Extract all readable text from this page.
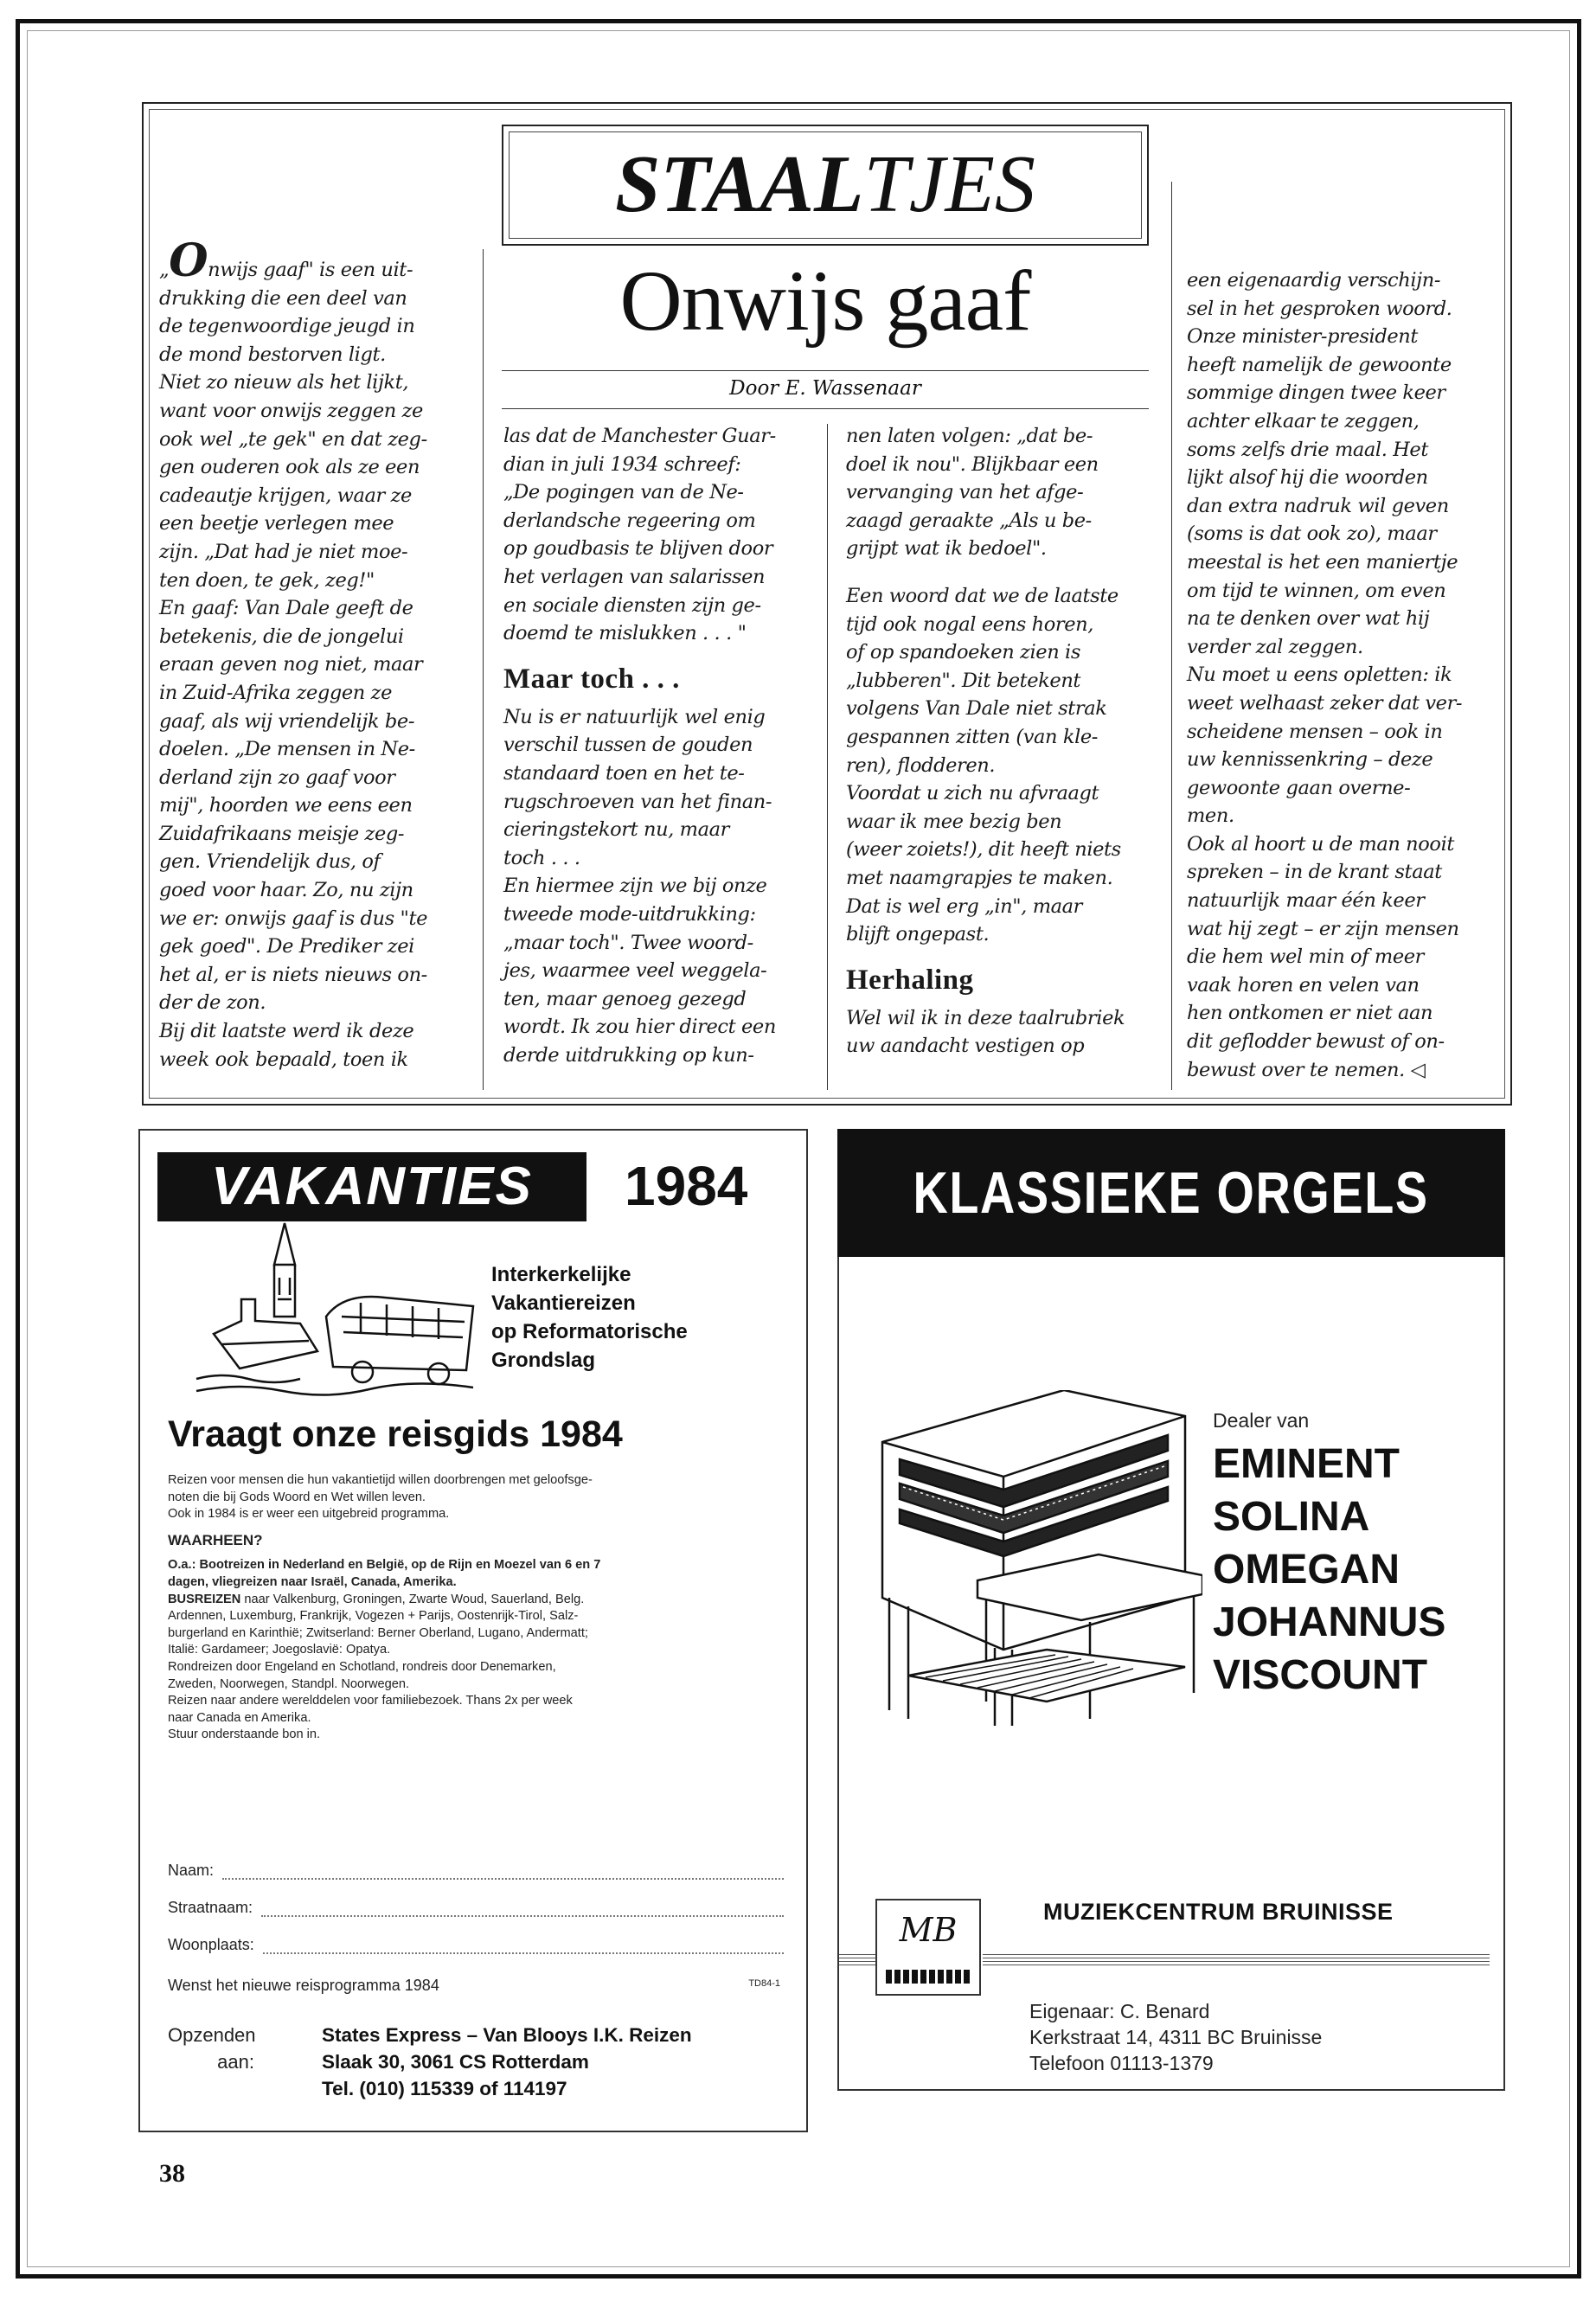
STAALTJES
Onwijs gaaf
Door E. Wassenaar

„Onwijs gaaf" is een uit-

drukking die een deel van

de tegenwoordige jeugd in

de mond bestorven ligt.

Niet zo nieuw als het lijkt,

want voor onwijs zeggen ze

ook wel „te gek" en dat zeg-

gen ouderen ook als ze een

cadeautje krijgen, waar ze

een beetje verlegen mee

zijn. „Dat had je niet moe-

ten doen, te gek, zeg!"

En gaaf: Van Dale geeft de

betekenis, die de jongelui

eraan geven nog niet, maar

in Zuid-Afrika zeggen ze

gaaf, als wij vriendelijk be-

doelen. „De mensen in Ne-

derland zijn zo gaaf voor

mij", hoorden we eens een

Zuidafrikaans meisje zeg-

gen. Vriendelijk dus, of

goed voor haar. Zo, nu zijn

we er: onwijs gaaf is dus "te

gek goed". De Prediker zei

het al, er is niets nieuws on-

der de zon.

Bij dit laatste werd ik deze

week ook bepaald, toen ik

las dat de Manchester Guar-

dian in juli 1934 schreef:

„De pogingen van de Ne-

derlandsche regeering om

op goudbasis te blijven door

het verlagen van salarissen

en sociale diensten zijn ge-

doemd te mislukken . . . "

Maar toch . . .

Nu is er natuurlijk wel enig

verschil tussen de gouden

standaard toen en het te-

rugschroeven van het finan-

cieringstekort nu, maar

toch . . .

En hiermee zijn we bij onze

tweede mode-uitdrukking:

„maar toch". Twee woord-

jes, waarmee veel weggela-

ten, maar genoeg gezegd

wordt. Ik zou hier direct een

derde uitdrukking op kun-

nen laten volgen: „dat be-

doel ik nou". Blijkbaar een

vervanging van het afge-

zaagd geraakte „Als u be-

grijpt wat ik bedoel".

Een woord dat we de laatste

tijd ook nogal eens horen,

of op spandoeken zien is

„lubberen". Dit betekent

volgens Van Dale niet strak

gespannen zitten (van kle-

ren), flodderen.

Voordat u zich nu afvraagt

waar ik mee bezig ben

(weer zoiets!), dit heeft niets

met naamgrapjes te maken.

Dat is wel erg „in", maar

blijft ongepast.

Herhaling

Wel wil ik in deze taalrubriek

uw aandacht vestigen op

een eigenaardig verschijn-

sel in het gesproken woord.

Onze minister-president

heeft namelijk de gewoonte

sommige dingen twee keer

achter elkaar te zeggen,

soms zelfs drie maal. Het

lijkt alsof hij die woorden

dan extra nadruk wil geven

(soms is dat ook zo), maar

meestal is het een maniertje

om tijd te winnen, om even

na te denken over wat hij

verder zal zeggen.

Nu moet u eens opletten: ik

weet welhaast zeker dat ver-

scheidene mensen – ook in

uw kennissenkring – deze

gewoonte gaan overne-

men.

Ook al hoort u de man nooit

spreken – in de krant staat

natuurlijk maar één keer

wat hij zegt – er zijn mensen

die hem wel min of meer

vaak horen en velen van

hen ontkomen er niet aan

dit geflodder bewust of on-

bewust over te nemen. ◁

VAKANTIES	1984
Interkerkelijke
Vakantiereizen
op Reformatorische
Grondslag
Vraagt onze reisgids 1984

Reizen voor mensen die hun vakantietijd willen doorbrengen met geloofsge-

noten die bij Gods Woord en Wet willen leven.

Ook in 1984 is er weer een uitgebreid programma.

WAARHEEN?

O.a.: Bootreizen in Nederland en België, op de Rijn en Moezel van 6 en 7

dagen, vliegreizen naar Israël, Canada, Amerika.

BUSREIZEN naar Valkenburg, Groningen, Zwarte Woud, Sauerland, Belg.

Ardennen, Luxemburg, Frankrijk, Vogezen + Parijs, Oostenrijk-Tirol, Salz-

burgerland en Karinthië; Zwitserland: Berner Oberland, Lugano, Andermatt;

Italië: Gardameer; Joegoslavië: Opatya.

Rondreizen door Engeland en Schotland, rondreis door Denemarken,

Zweden, Noorwegen, Standpl. Noorwegen.

Reizen naar andere werelddelen voor familiebezoek. Thans 2x per week

naar Canada en Amerika.

Stuur onderstaande bon in.

Naam:
Straatnaam:
Woonplaats:
Wenst het nieuwe reisprogramma 1984	TD84-1
Opzenden
aan:
States Express – Van Blooys I.K. Reizen
Slaak 30, 3061 CS Rotterdam
Tel. (010) 115339 of 114197
KLASSIEKE ORGELS
Dealer van
EMINENT
SOLINA
OMEGAN
JOHANNUS
VISCOUNT
MB	MUZIEKCENTRUM BRUINISSE
Eigenaar: C. Benard
Kerkstraat 14, 4311 BC Bruinisse
Telefoon 01113-1379
38
